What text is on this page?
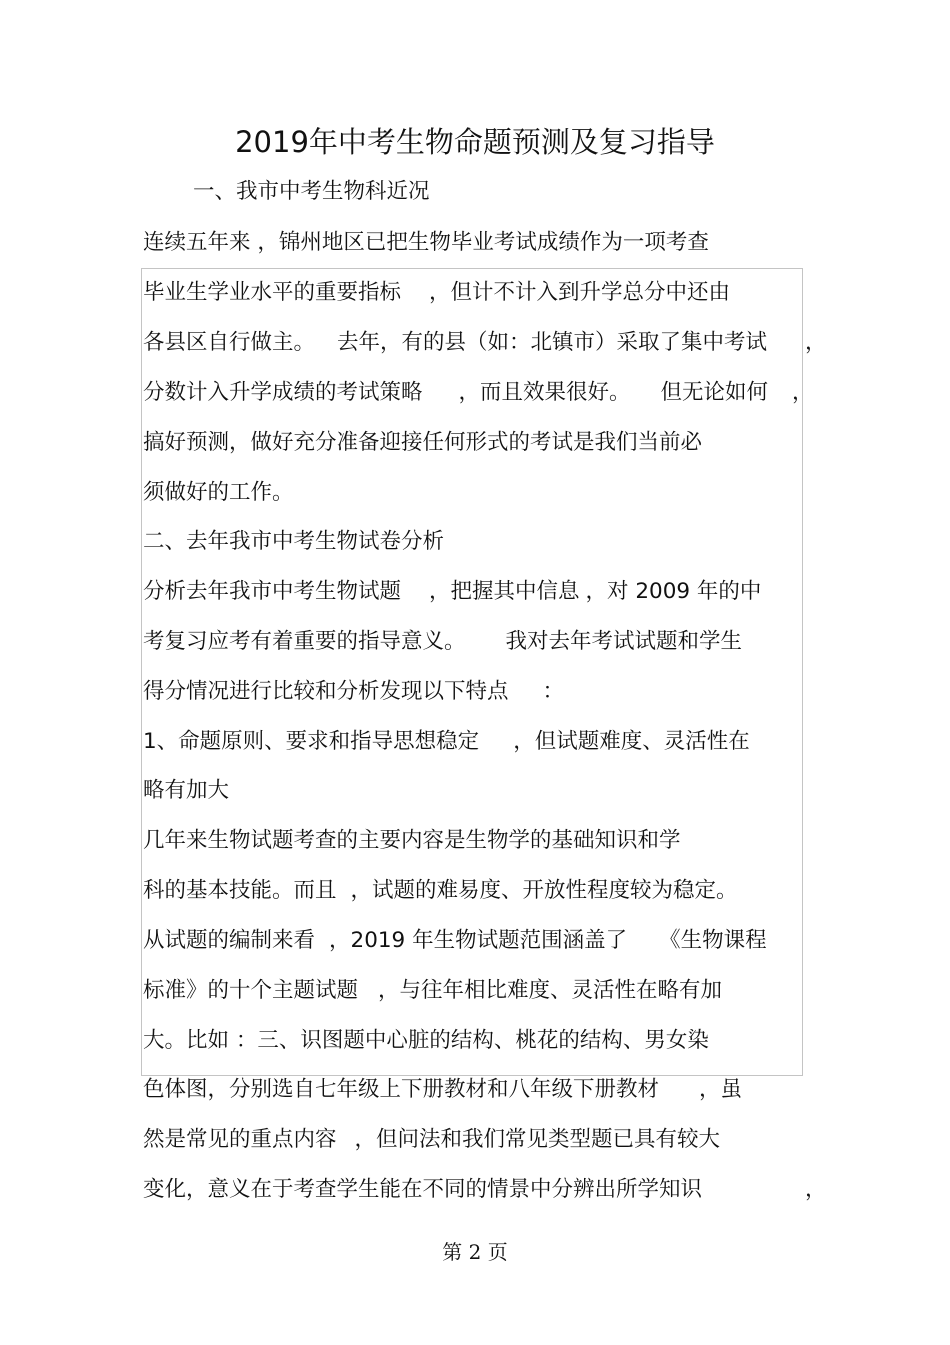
2019年中考生物命题预测及复习指导
一、我市中考生物科近况
连续五年来 ，锦州地区已把生物毕业考试成绩作为一项考查
毕业生学业水平的重要指标 ，但计不计入到升学总分中还由
各县区自行做主。 去年，有的县（如：北镇市）采取了集中考试 ，
分数计入升学成绩的考试策略 ，而且效果很好。 但无论如何 ，
搞好预测，做好充分准备迎接任何形式的考试是我们当前必
须做好的工作。
二、去年我市中考生物试卷分析
分析去年我市中考生物试题 ，把握其中信息 ，对 2009 年的中
考复习应考有着重要的指导意义。 我对去年考试试题和学生
得分情况进行比较和分析发现以下特点 ：
1、命题原则、要求和指导思想稳定 ，但试题难度、灵活性在
略有加大
几年来生物试题考查的主要内容是生物学的基础知识和学
科的基本技能。而且 ，试题的难易度、开放性程度较为稳定。
从试题的编制来看 ，2019 年生物试题范围涵盖了 《生物课程
标准》的十个主题试题 ，与往年相比难度、灵活性在略有加
大。比如 ：三、识图题中心脏的结构、桃花的结构、男女染
色体图，分别选自七年级上下册教材和八年级下册教材 ，虽
然是常见的重点内容 ，但问法和我们常见类型题已具有较大
变化，意义在于考查学生能在不同的情景中分辨出所学知识	，
第 2 页
